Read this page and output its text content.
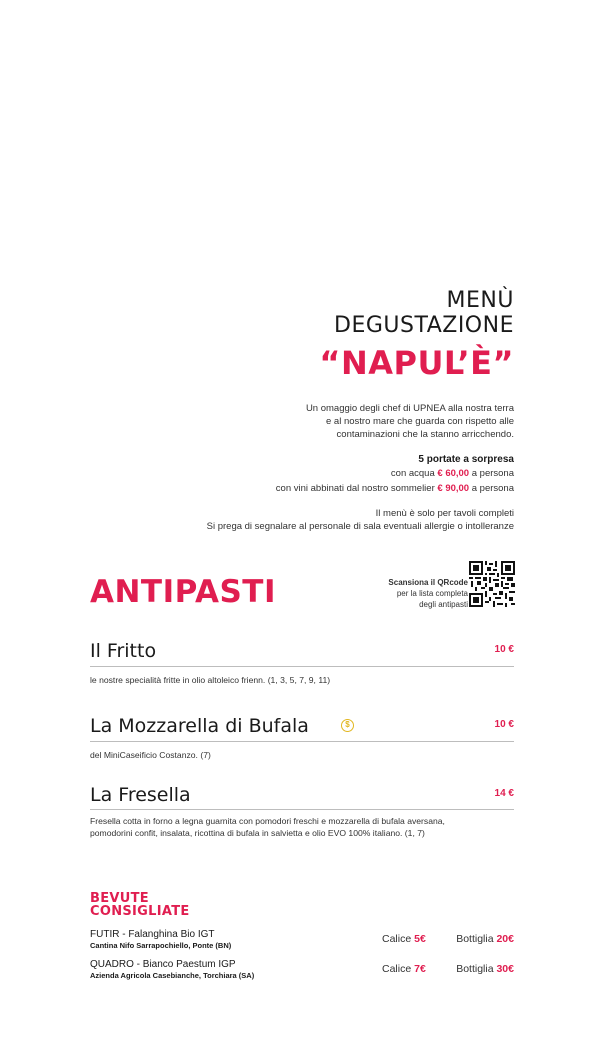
MENÙ
DEGUSTAZIONE
“NAPUL’È”
Un omaggio degli chef di UPNEA alla nostra terra
e al nostro mare che guarda con rispetto alle
contaminazioni che la stanno arricchendo.
5 portate a sorpresa
con acqua € 60,00 a persona
con vini abbinati dal nostro sommelier € 90,00 a persona
Il menù è solo per tavoli completi
Si prega di segnalare al personale di sala eventuali allergie o intolleranze
ANTIPASTI	Scansiona il QRcode
per la lista completa
degli antipasti
Il Fritto	10 €
le nostre specialità fritte in olio altoleico frienn. (1, 3, 5, 7, 9, 11)
La Mozzarella di Bufala	$	10 €
del MiniCaseificio Costanzo. (7)
La Fresella	14 €
Fresella cotta in forno a legna guarnita con pomodori freschi e mozzarella di bufala aversana,
pomodorini confit, insalata, ricottina di bufala in salvietta e olio EVO 100% italiano. (1, 7)
BEVUTE
CONSIGLIATE
FUTIR - Falanghina Bio IGT
Cantina Nifo Sarrapochiello, Ponte (BN)
Calice 5€	Bottiglia 20€
QUADRO - Bianco Paestum IGP
Azienda Agricola Casebianche, Torchiara (SA)
Calice 7€	Bottiglia 30€
